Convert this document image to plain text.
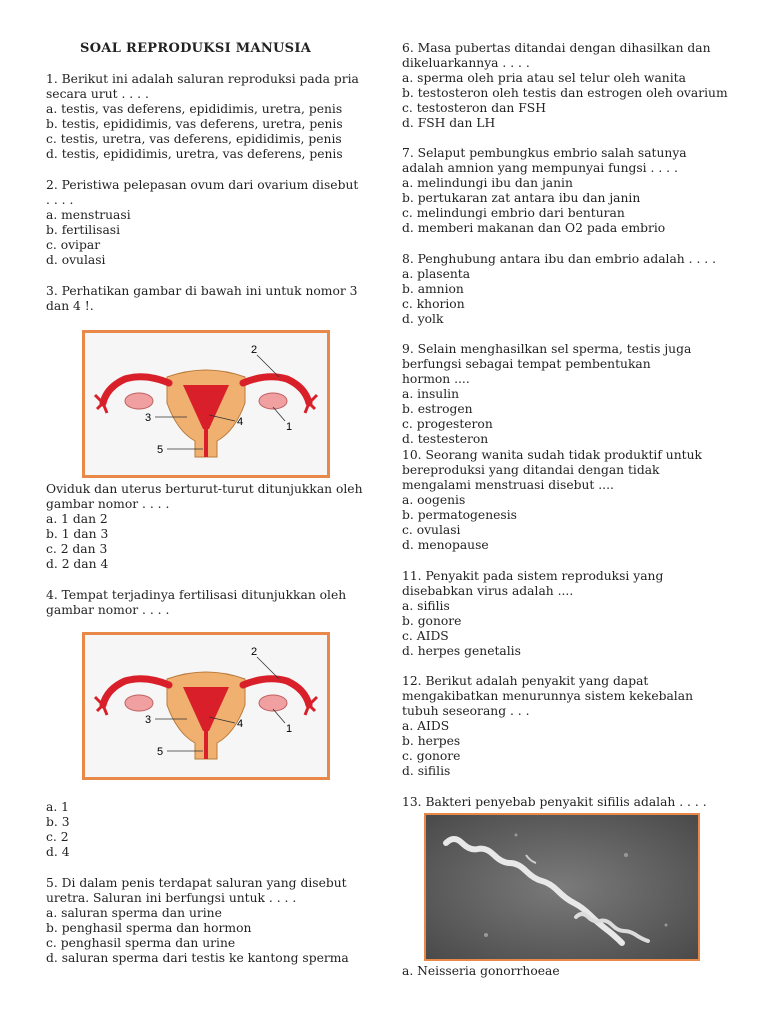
SOAL REPRODUKSI MANUSIA
1. Berikut ini adalah saluran reproduksi pada pria secara urut . . . .
a. testis, vas deferens, epididimis, uretra, penis
b. testis, epididimis, vas deferens, uretra, penis
c. testis, uretra, vas deferens, epididimis, penis
d. testis, epididimis, uretra, vas deferens, penis
2. Peristiwa pelepasan ovum dari ovarium disebut . . . .
a. menstruasi
b. fertilisasi
c. ovipar
d. ovulasi
3. Perhatikan gambar di bawah ini untuk nomor 3 dan 4 !.
2
1
3	4
5
Oviduk dan uterus berturut-turut ditunjukkan oleh gambar nomor . . . .
a. 1 dan 2
b. 1 dan 3
c. 2 dan 3
d. 2 dan 4
4. Tempat terjadinya fertilisasi ditunjukkan oleh gambar nomor . . . .
2
1
3	4
5
a. 1
b. 3
c. 2
d. 4
5. Di dalam penis terdapat saluran yang disebut uretra. Saluran ini berfungsi untuk . . . .
a. saluran sperma dan urine
b. penghasil sperma dan hormon
c. penghasil sperma dan urine
d. saluran sperma dari testis ke kantong sperma
6. Masa pubertas ditandai dengan dihasilkan dan dikeluarkannya . . . .
a. sperma oleh pria atau sel telur oleh wanita
b. testosteron oleh testis dan estrogen oleh ovarium
c. testosteron dan FSH
d. FSH dan LH
7. Selaput pembungkus embrio salah satunya adalah amnion yang mempunyai fungsi . . . .
a. melindungi ibu dan janin
b. pertukaran zat antara ibu dan janin
c. melindungi embrio dari benturan
d. memberi makanan dan O2 pada embrio
8. Penghubung antara ibu dan embrio adalah . . . .
a. plasenta
b. amnion
c. khorion
d. yolk
9. Selain menghasilkan sel sperma, testis juga berfungsi sebagai tempat pembentukan hormon ....
a. insulin
b. estrogen
c. progesteron
d. testesteron
10. Seorang wanita sudah tidak produktif untuk bereproduksi yang ditandai dengan tidak mengalami menstruasi disebut ....
a. oogenis
b. permatogenesis
c. ovulasi
d. menopause
11. Penyakit pada sistem reproduksi yang disebabkan virus adalah ....
a. sifilis
b. gonore
c. AIDS
d. herpes genetalis
12. Berikut adalah penyakit yang dapat mengakibatkan menurunnya sistem kekebalan tubuh seseorang . . .
a. AIDS
b. herpes
c. gonore
d. sifilis
13. Bakteri penyebab penyakit sifilis adalah . . . .
a. Neisseria gonorrhoeae
